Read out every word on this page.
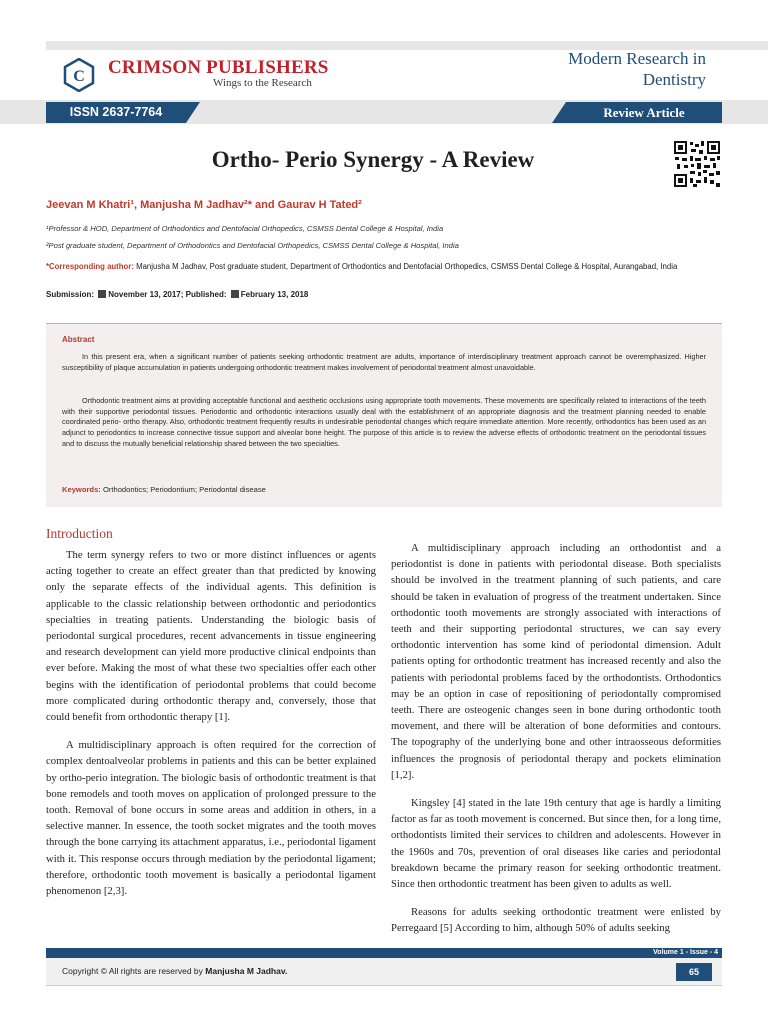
C CRIMSON PUBLISHERS
Wings to the Research
Modern Research in
Dentistry
ISSN 2637-7764	Review Article
Ortho- Perio Synergy - A Review
Jeevan M Khatri¹, Manjusha M Jadhav²* and Gaurav H Tated²
¹Professor & HOD, Department of Orthodontics and Dentofacial Orthopedics, CSMSS Dental College & Hospital, India
²Post graduate student, Department of Orthodontics and Dentofacial Orthopedics, CSMSS Dental College & Hospital, India
*Corresponding author: Manjusha M Jadhav, Post graduate student, Department of Orthodontics and Dentofacial Orthopedics, CSMSS Dental College & Hospital, Aurangabad, India
Submission: November 13, 2017; Published: February 13, 2018
Abstract

In this present era, when a significant number of patients seeking orthodontic treatment are adults, importance of interdisciplinary treatment approach cannot be overemphasized. Higher susceptibility of plaque accumulation in patients undergoing orthodontic treatment makes involvement of periodontal treatment almost unavoidable.

Orthodontic treatment aims at providing acceptable functional and aesthetic occlusions using appropriate tooth movements. These movements are specifically related to interactions of the teeth with their supportive periodontal tissues. Periodontic and orthodontic interactions usually deal with the establishment of an appropriate diagnosis and the treatment planning needed to enable coordinated perio- ortho therapy. Also, orthodontic treatment frequently results in undesirable periodontal changes which require immediate attention. More recently, orthodontics has been used as an adjunct to periodontics to increase connective tissue support and alveolar bone height. The purpose of this article is to review the adverse effects of orthodontic treatment on the periodontal tissues and to discuss the mutually beneficial relationship shared between the two specialties.

Keywords: Orthodontics; Periodontium; Periodontal disease
Introduction

The term synergy refers to two or more distinct influences or agents acting together to create an effect greater than that predicted by knowing only the separate effects of the individual agents. This definition is applicable to the classic relationship between orthodontic and periodontics specialties in treating patients. Understanding the biologic basis of periodontal surgical procedures, recent advancements in tissue engineering and research development can yield more productive clinical endpoints than ever before. Making the most of what these two specialties offer each other begins with the identification of periodontal problems that could become more complicated during orthodontic therapy and, conversely, those that could benefit from orthodontic therapy [1].

A multidisciplinary approach is often required for the correction of complex dentoalveolar problems in patients and this can be better explained by ortho-perio integration. The biologic basis of orthodontic treatment is that bone remodels and tooth moves on application of prolonged pressure to the tooth. Removal of bone occurs in some areas and addition in others, in a selective manner. In essence, the tooth socket migrates and the tooth moves through the bone carrying its attachment apparatus, i.e., periodontal ligament with it. This response occurs through mediation by the periodontal ligament; therefore, orthodontic tooth movement is basically a periodontal ligament phenomenon [2,3].

A multidisciplinary approach including an orthodontist and a periodontist is done in patients with periodontal disease. Both specialists should be involved in the treatment planning of such patients, and care should be taken in evaluation of progress of the treatment undertaken. Since orthodontic tooth movements are strongly associated with interactions of teeth and their supporting periodontal structures, we can say every orthodontic intervention has some kind of periodontal dimension. Adult patients opting for orthodontic treatment has increased recently and also the patients with periodontal problems faced by the orthodontists. Orthodontics may be an option in case of repositioning of periodontally compromised teeth. There are osteogenic changes seen in bone during orthodontic tooth movement, and there will be alteration of bone deformities and contours. The topography of the underlying bone and other intraosseous deformities influences the prognosis of periodontal therapy and pockets elimination [1,2].

Kingsley [4] stated in the late 19th century that age is hardly a limiting factor as far as tooth movement is concerned. But since then, for a long time, orthodontists limited their services to children and adolescents. However in the 1960s and 70s, prevention of oral diseases like caries and periodontal breakdown became the primary reason for seeking orthodontic treatment. Since then orthodontic treatment has been given to adults as well.

Reasons for adults seeking orthodontic treatment were enlisted by Perregaard [5] According to him, although 50% of adults seeking

Volume 1 - Issue - 4
Copyright © All rights are reserved by Manjusha M Jadhav.	65
